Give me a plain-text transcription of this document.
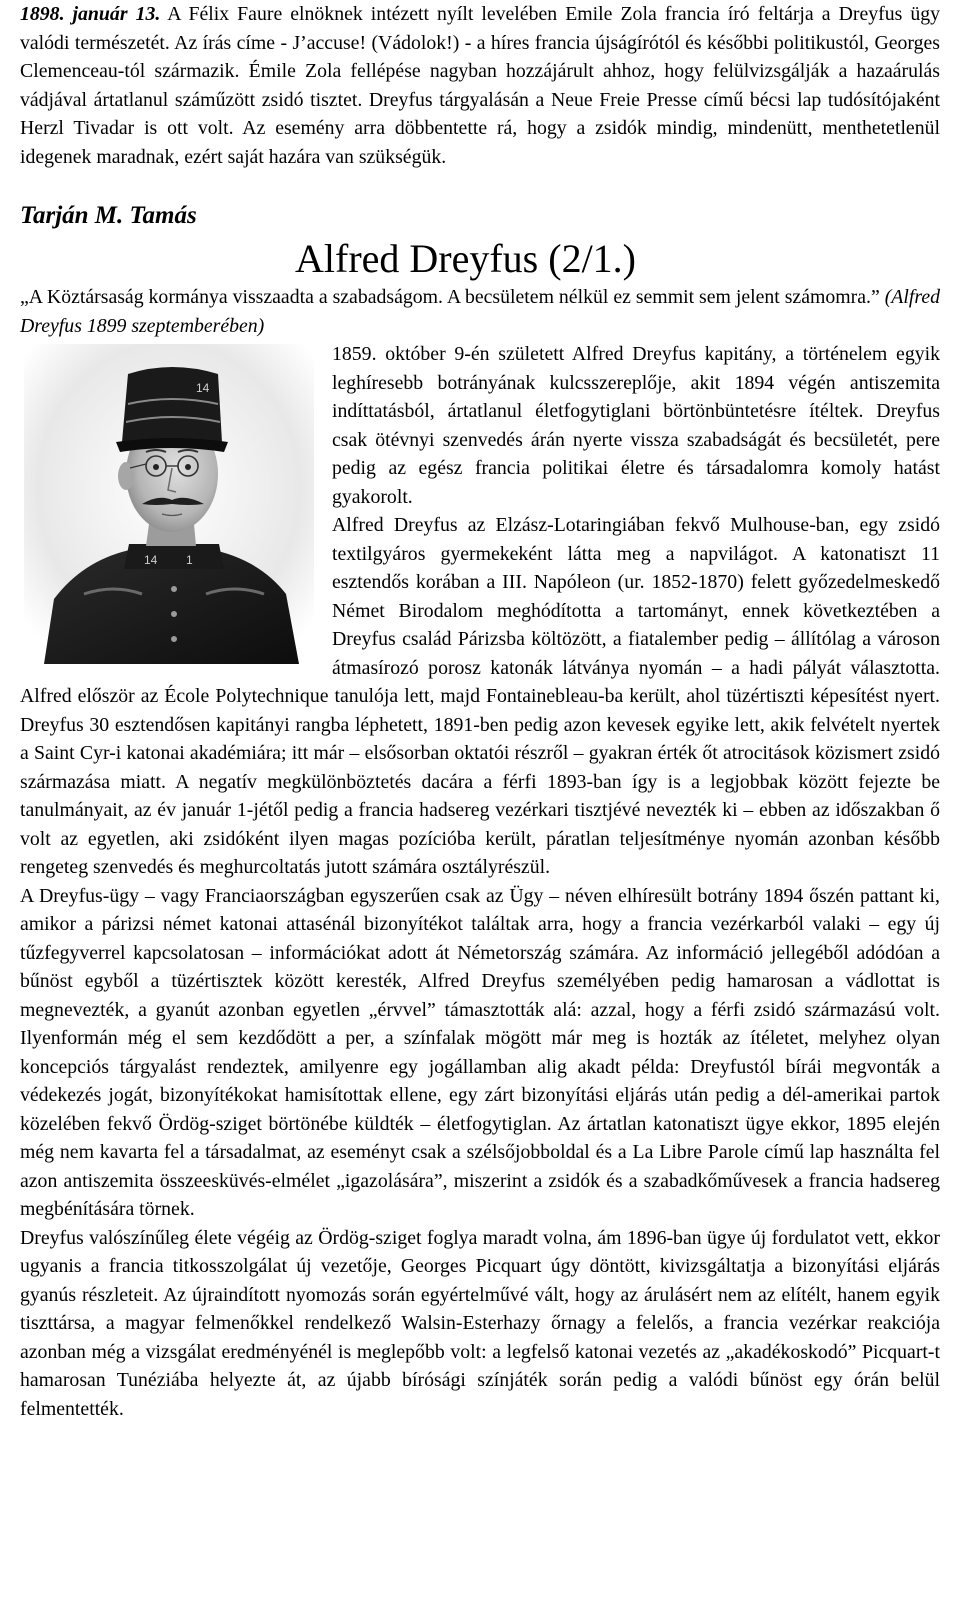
1898. január 13. A Félix Faure elnöknek intézett nyílt levelében Emile Zola francia író feltárja a Dreyfus ügy valódi természetét. Az írás címe - J’accuse! (Vádolok!) - a híres francia újságírótól és későbbi politikustól, Georges Clemenceau-tól származik. Émile Zola fellépése nagyban hozzájárult ahhoz, hogy felülvizsgálják a hazaárulás vádjával ártatlanul száműzött zsidó tisztet. Dreyfus tárgyalásán a Neue Freie Presse című bécsi lap tudósítójaként Herzl Tivadar is ott volt. Az esemény arra döbbentette rá, hogy a zsidók mindig, mindenütt, menthetetlenül idegenek maradnak, ezért saját hazára van szükségük.

Tarján M. Tamás
Alfred Dreyfus (2/1.)

„A Köztársaság kormánya visszaadta a szabadságom. A becsületem nélkül ez semmit sem jelent számomra.” (Alfred Dreyfus 1899 szeptemberében)

14 1
14

1859. október 9-én született Alfred Dreyfus kapitány, a történelem egyik leghíresebb botrányának kulcsszereplője, akit 1894 végén antiszemita indíttatásból, ártatlanul életfogytiglani börtönbüntetésre ítéltek. Dreyfus csak ötévnyi szenvedés árán nyerte vissza szabadságát és becsületét, pere pedig az egész francia politikai életre és társadalomra komoly hatást gyakorolt.

Alfred Dreyfus az Elzász-Lotaringiában fekvő Mulhouse-ban, egy zsidó textilgyáros gyermekeként látta meg a napvilágot. A katonatiszt 11 esztendős korában a III. Napóleon (ur. 1852-1870) felett győzedelmeskedő Német Birodalom meghódította a tartományt, ennek következtében a Dreyfus család Párizsba költözött, a fiatalember pedig – állítólag a városon átmasírozó porosz katonák látványa nyomán – a hadi pályát választotta. Alfred először az École Polytechnique tanulója lett, majd Fontainebleau-ba került, ahol tüzértiszti képesítést nyert. Dreyfus 30 esztendősen kapitányi rangba léphetett, 1891-ben pedig azon kevesek egyike lett, akik felvételt nyertek a Saint Cyr-i katonai akadémiára; itt már – elsősorban oktatói részről – gyakran érték őt atrocitások közismert zsidó származása miatt. A negatív megkülönböztetés dacára a férfi 1893-ban így is a legjobbak között fejezte be tanulmányait, az év január 1-jétől pedig a francia hadsereg vezérkari tisztjévé nevezték ki – ebben az időszakban ő volt az egyetlen, aki zsidóként ilyen magas pozícióba került, páratlan teljesítménye nyomán azonban később rengeteg szenvedés és meghurcoltatás jutott számára osztályrészül.

A Dreyfus-ügy – vagy Franciaországban egyszerűen csak az Ügy – néven elhíresült botrány 1894 őszén pattant ki, amikor a párizsi német katonai attasénál bizonyítékot találtak arra, hogy a francia vezérkarból valaki – egy új tűzfegyverrel kapcsolatosan – információkat adott át Németország számára. Az információ jellegéből adódóan a bűnöst egyből a tüzértisztek között keresték, Alfred Dreyfus személyében pedig hamarosan a vádlottat is megnevezték, a gyanút azonban egyetlen „érvvel” támasztották alá: azzal, hogy a férfi zsidó származású volt. Ilyenformán még el sem kezdődött a per, a színfalak mögött már meg is hozták az ítéletet, melyhez olyan koncepciós tárgyalást rendeztek, amilyenre egy jogállamban alig akadt példa: Dreyfustól bírái megvonták a védekezés jogát, bizonyítékokat hamisítottak ellene, egy zárt bizonyítási eljárás után pedig a dél-amerikai partok közelében fekvő Ördög-sziget börtönébe küldték – életfogytiglan. Az ártatlan katonatiszt ügye ekkor, 1895 elején még nem kavarta fel a társadalmat, az eseményt csak a szélsőjobboldal és a La Libre Parole című lap használta fel azon antiszemita összeesküvés-elmélet „igazolására”, miszerint a zsidók és a szabadkőművesek a francia hadsereg megbénítására törnek.

Dreyfus valószínűleg élete végéig az Ördög-sziget foglya maradt volna, ám 1896-ban ügye új fordulatot vett, ekkor ugyanis a francia titkosszolgálat új vezetője, Georges Picquart úgy döntött, kivizsgáltatja a bizonyítási eljárás gyanús részleteit. Az újraindított nyomozás során egyértelművé vált, hogy az árulásért nem az elítélt, hanem egyik tiszttársa, a magyar felmenőkkel rendelkező Walsin-Esterhazy őrnagy a felelős, a francia vezérkar reakciója azonban még a vizsgálat eredményénél is meglepőbb volt: a legfelső katonai vezetés az „akadékoskodó” Picquart-t hamarosan Tunéziába helyezte át, az újabb bírósági színjáték során pedig a valódi bűnöst egy órán belül felmentették.
